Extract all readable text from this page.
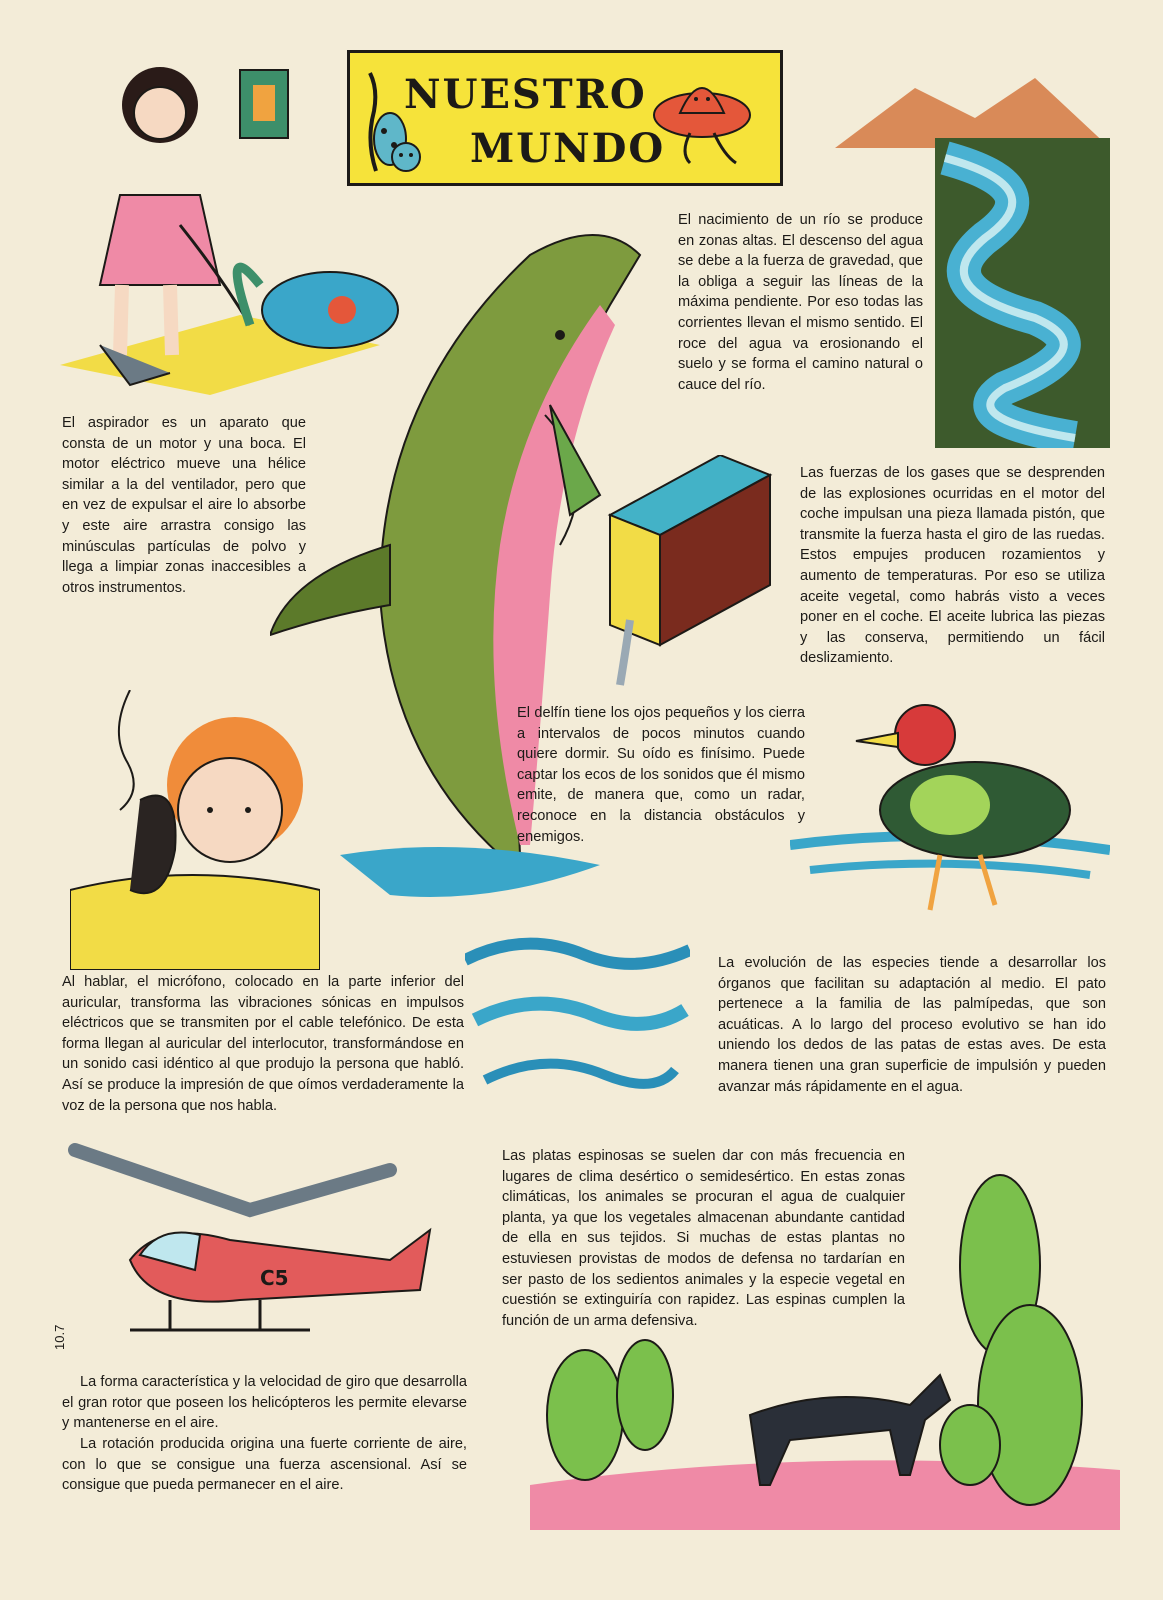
NUESTRO
MUNDO
C5

El aspirador es un aparato que consta de un motor y una boca. El motor eléctrico mueve una hélice similar a la del ventilador, pero que en vez de expulsar el aire lo absorbe y este aire arrastra consigo las minúsculas partículas de polvo y llega a limpiar zonas inaccesibles a otros instrumentos.

El nacimiento de un río se produce en zonas altas. El descenso del agua se debe a la fuerza de gravedad, que la obliga a seguir las líneas de la máxima pendiente. Por eso todas las corrientes llevan el mismo sentido. El roce del agua va erosionando el suelo y se forma el camino natural o cauce del río.

Las fuerzas de los gases que se desprenden de las explosiones ocurridas en el motor del coche impulsan una pieza llamada pistón, que transmite la fuerza hasta el giro de las ruedas. Estos empujes producen rozamientos y aumento de temperaturas. Por eso se utiliza aceite vegetal, como habrás visto a veces poner en el coche. El aceite lubrica las piezas y las conserva, permitiendo un fácil deslizamiento.

El delfín tiene los ojos pequeños y los cierra a intervalos de pocos minutos cuando quiere dormir. Su oído es finísimo. Puede captar los ecos de los sonidos que él mismo emite, de manera que, como un radar, reconoce en la distancia obstáculos y enemigos.

Al hablar, el micrófono, colocado en la parte inferior del auricular, transforma las vibraciones sónicas en impulsos eléctricos que se transmiten por el cable telefónico. De esta forma llegan al auricular del interlocutor, transformándose en un sonido casi idéntico al que produjo la persona que habló. Así se produce la impresión de que oímos verdaderamente la voz de la persona que nos habla.

La evolución de las especies tiende a desarrollar los órganos que facilitan su adaptación al medio. El pato pertenece a la familia de las palmípedas, que son acuáticas. A lo largo del proceso evolutivo se han ido uniendo los dedos de las patas de estas aves. De esta manera tienen una gran superficie de impulsión y pueden avanzar más rápidamente en el agua.

Las platas espinosas se suelen dar con más frecuencia en lugares de clima desértico o semidesértico. En estas zonas climáticas, los animales se procuran el agua de cualquier planta, ya que los vegetales almacenan abundante cantidad de ella en sus tejidos. Si muchas de estas plantas no estuviesen provistas de modos de defensa no tardarían en ser pasto de los sedientos animales y la especie vegetal en cuestión se extinguiría con rapidez. Las espinas cumplen la función de un arma defensiva.

La forma característica y la velocidad de giro que desarrolla el gran rotor que poseen los helicópteros les permite elevarse y mantenerse en el aire.

La rotación producida origina una fuerte corriente de aire, con lo que se consigue una fuerza ascensional. Así se consigue que pueda permanecer en el aire.

10.7
